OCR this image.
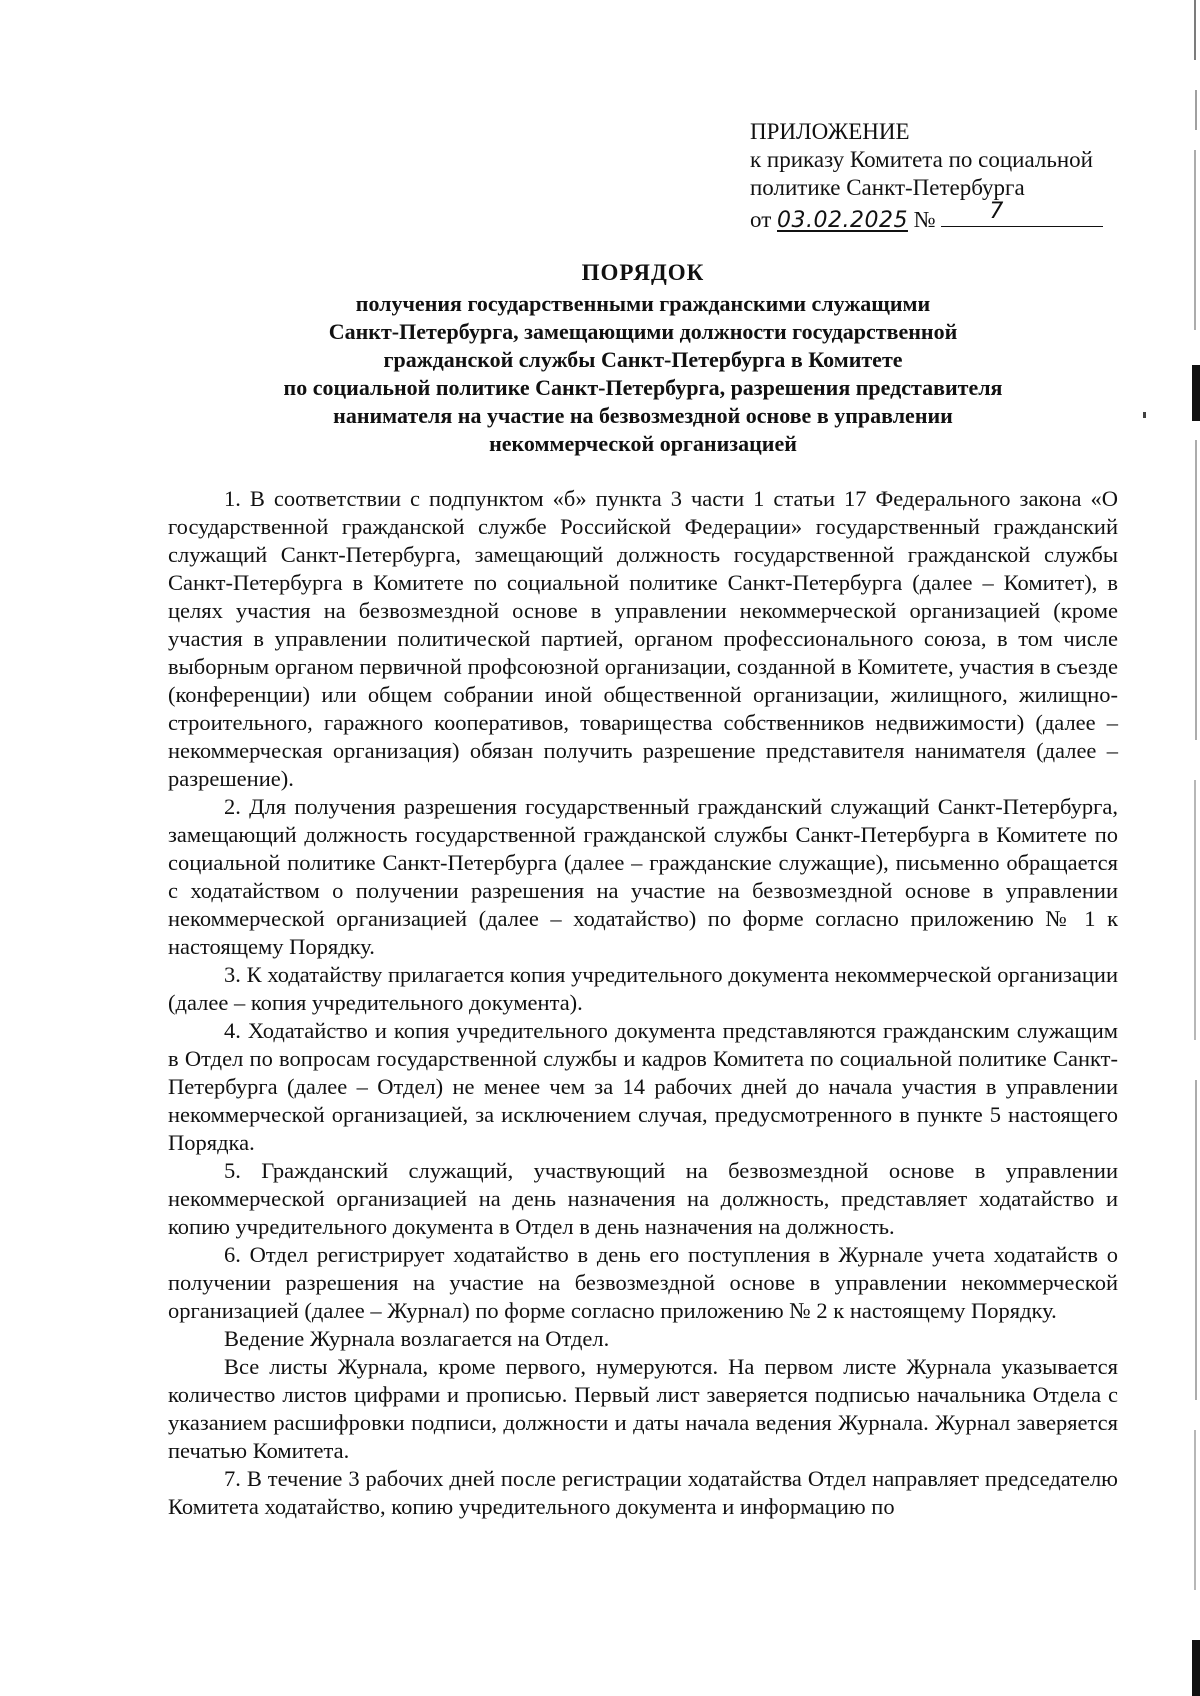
ПРИЛОЖЕНИЕ
к приказу Комитета по социальной
политике Санкт-Петербурга
от 03.02.2025 № 7
ПОРЯДОК
получения государственными гражданскими служащими
Санкт-Петербурга, замещающими должности государственной
гражданской службы Санкт-Петербурга в Комитете
по социальной политике Санкт-Петербурга, разрешения представителя
нанимателя на участие на безвозмездной основе в управлении
некоммерческой организацией

1. В соответствии с подпунктом «б» пункта 3 части 1 статьи 17 Федерального закона «О государственной гражданской службе Российской Федерации» государственный гражданский служащий Санкт-Петербурга, замещающий должность государственной гражданской службы Санкт-Петербурга в Комитете по социальной политике Санкт-Петербурга (далее – Комитет), в целях участия на безвозмездной основе в управлении некоммерческой организацией (кроме участия в управлении политической партией, органом профессионального союза, в том числе выборным органом первичной профсоюзной организации, созданной в Комитете, участия в съезде (конференции) или общем собрании иной общественной организации, жилищного, жилищно-строительного, гаражного кооперативов, товарищества собственников недвижимости) (далее – некоммерческая организация) обязан получить разрешение представителя нанимателя (далее – разрешение).

2. Для получения разрешения государственный гражданский служащий Санкт-Петербурга, замещающий должность государственной гражданской службы Санкт-Петербурга в Комитете по социальной политике Санкт-Петербурга (далее – гражданские служащие), письменно обращается с ходатайством о получении разрешения на участие на безвозмездной основе в управлении некоммерческой организацией (далее – ходатайство) по форме согласно приложению № 1 к настоящему Порядку.

3. К ходатайству прилагается копия учредительного документа некоммерческой организации (далее – копия учредительного документа).

4. Ходатайство и копия учредительного документа представляются гражданским служащим в Отдел по вопросам государственной службы и кадров Комитета по социальной политике Санкт-Петербурга (далее – Отдел) не менее чем за 14 рабочих дней до начала участия в управлении некоммерческой организацией, за исключением случая, предусмотренного в пункте 5 настоящего Порядка.

5. Гражданский служащий, участвующий на безвозмездной основе в управлении некоммерческой организацией на день назначения на должность, представляет ходатайство и копию учредительного документа в Отдел в день назначения на должность.

6. Отдел регистрирует ходатайство в день его поступления в Журнале учета ходатайств о получении разрешения на участие на безвозмездной основе в управлении некоммерческой организацией (далее – Журнал) по форме согласно приложению № 2 к настоящему Порядку.

Ведение Журнала возлагается на Отдел.

Все листы Журнала, кроме первого, нумеруются. На первом листе Журнала указывается количество листов цифрами и прописью. Первый лист заверяется подписью начальника Отдела с указанием расшифровки подписи, должности и даты начала ведения Журнала. Журнал заверяется печатью Комитета.

7. В течение 3 рабочих дней после регистрации ходатайства Отдел направляет председателю Комитета ходатайство, копию учредительного документа и информацию по
